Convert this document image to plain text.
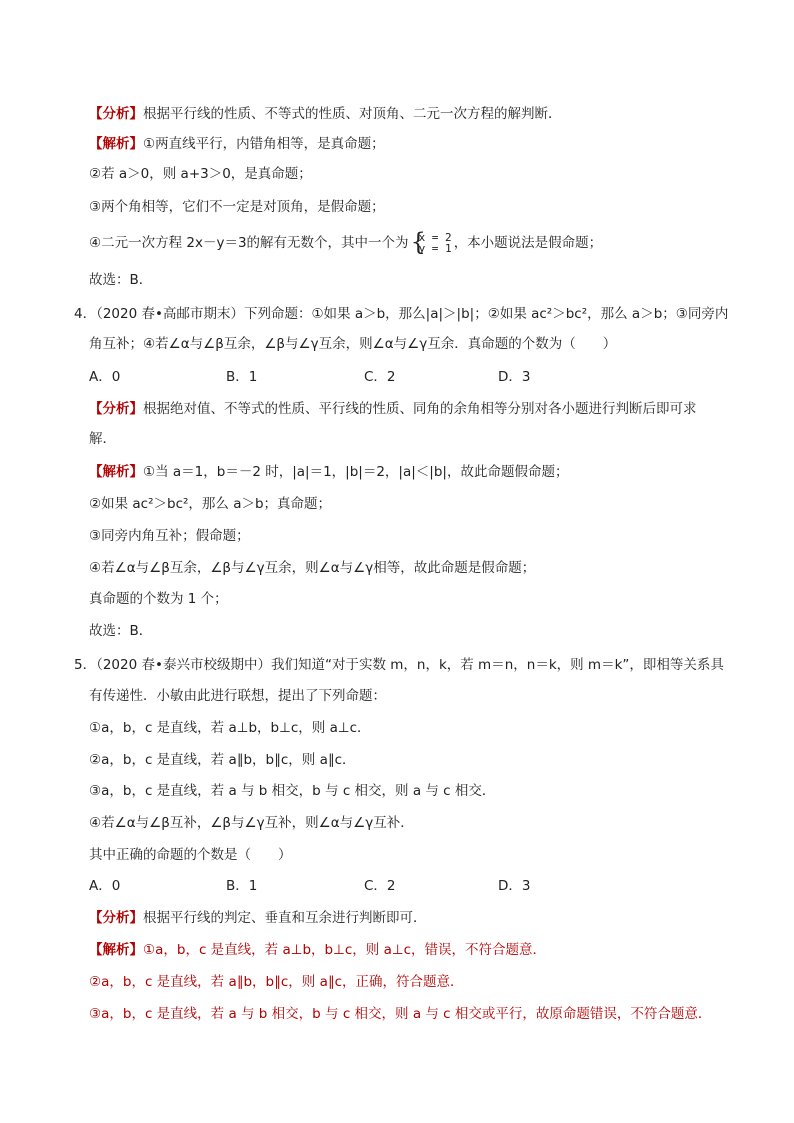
【分析】根据平行线的性质、不等式的性质、对顶角、二元一次方程的解判断．
【解析】①两直线平行，内错角相等，是真命题；
②若 a＞0，则 a+3＞0，是真命题；
③两个角相等，它们不一定是对顶角，是假命题；
④二元一次方程 2x－y＝3的解有无数个，其中一个为 {
x = 2
y = 1 ，本小题说法是假命题；
故选：B．
4．（2020 春•高邮市期末）下列命题：①如果 a＞b，那么|a|＞|b|；②如果 ac²＞bc²，那么 a＞b；③同旁内
角互补；④若∠α与∠β互余，∠β与∠γ互余，则∠α与∠γ互余．真命题的个数为（　　）
A．0	B．1	C．2	D．3
【分析】根据绝对值、不等式的性质、平行线的性质、同角的余角相等分别对各小题进行判断后即可求
解．
【解析】①当 a＝1，b＝－2 时，|a|＝1，|b|＝2，|a|＜|b|，故此命题假命题；
②如果 ac²＞bc²，那么 a＞b；真命题；
③同旁内角互补；假命题；
④若∠α与∠β互余，∠β与∠γ互余，则∠α与∠γ相等，故此命题是假命题；
真命题的个数为 1 个；
故选：B．
5．（2020 春•泰兴市校级期中）我们知道“对于实数 m，n，k，若 m＝n，n＝k，则 m＝k”，即相等关系具
有传递性．小敏由此进行联想，提出了下列命题：
①a，b，c 是直线，若 a⊥b，b⊥c，则 a⊥c．
②a，b，c 是直线，若 a∥b，b∥c，则 a∥c．
③a，b，c 是直线，若 a 与 b 相交，b 与 c 相交，则 a 与 c 相交．
④若∠α与∠β互补，∠β与∠γ互补，则∠α与∠γ互补．
其中正确的命题的个数是（　　）
A．0	B．1	C．2	D．3
【分析】根据平行线的判定、垂直和互余进行判断即可．
【解析】①a，b，c 是直线，若 a⊥b，b⊥c，则 a⊥c，错误，不符合题意．
②a，b，c 是直线，若 a∥b，b∥c，则 a∥c，正确，符合题意．
③a，b，c 是直线，若 a 与 b 相交，b 与 c 相交，则 a 与 c 相交或平行，故原命题错误，不符合题意．
